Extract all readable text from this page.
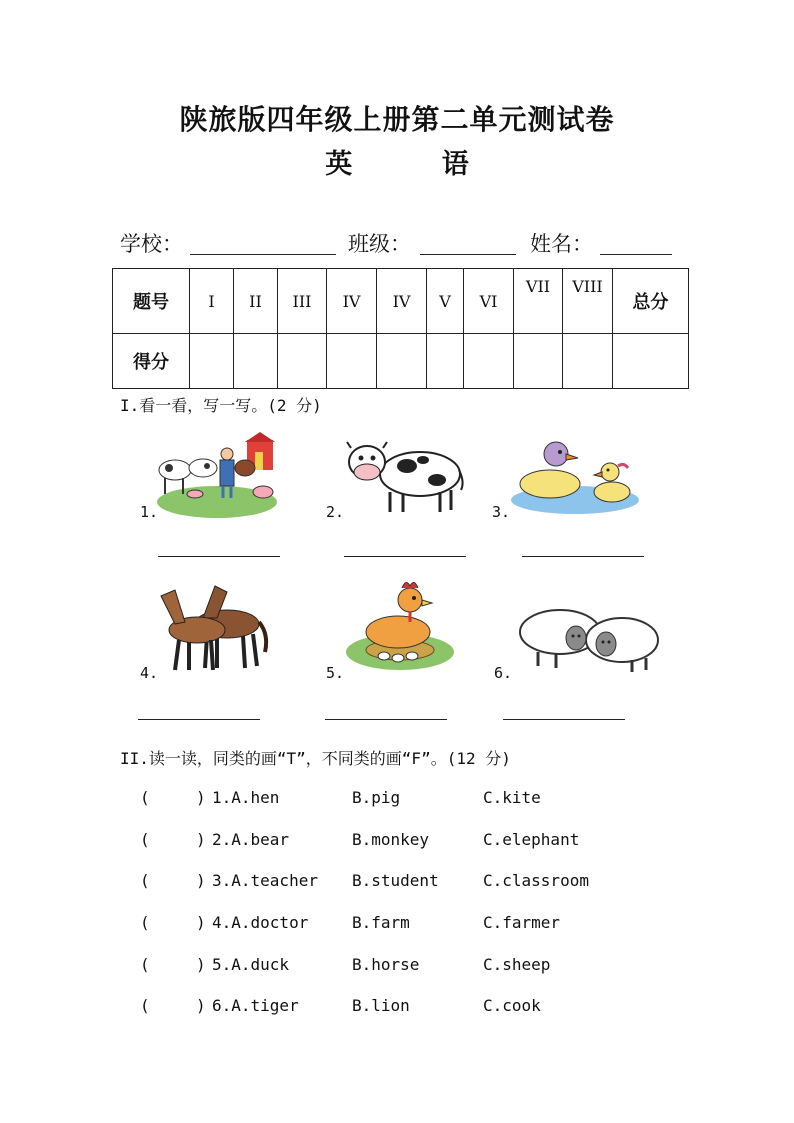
陕旅版四年级上册第二单元测试卷
英 语
学校：	班级：	姓名：
题号	I	II	III	IV	IV	V	VI	VII	VIII	总分
得分										
I.看一看，写一写。(2 分)
1.	2.	3.
4.	5.	6.
II.读一读，同类的画“T”，不同类的画“F”。(12 分)
(	) 1.A.hen	B.pig	C.kite
(	) 2.A.bear	B.monkey	C.elephant
(	) 3.A.teacher B.student	C.classroom
(	) 4.A.doctor	B.farm	C.farmer
(	) 5.A.duck	B.horse	C.sheep
(	) 6.A.tiger	B.lion	C.cook
